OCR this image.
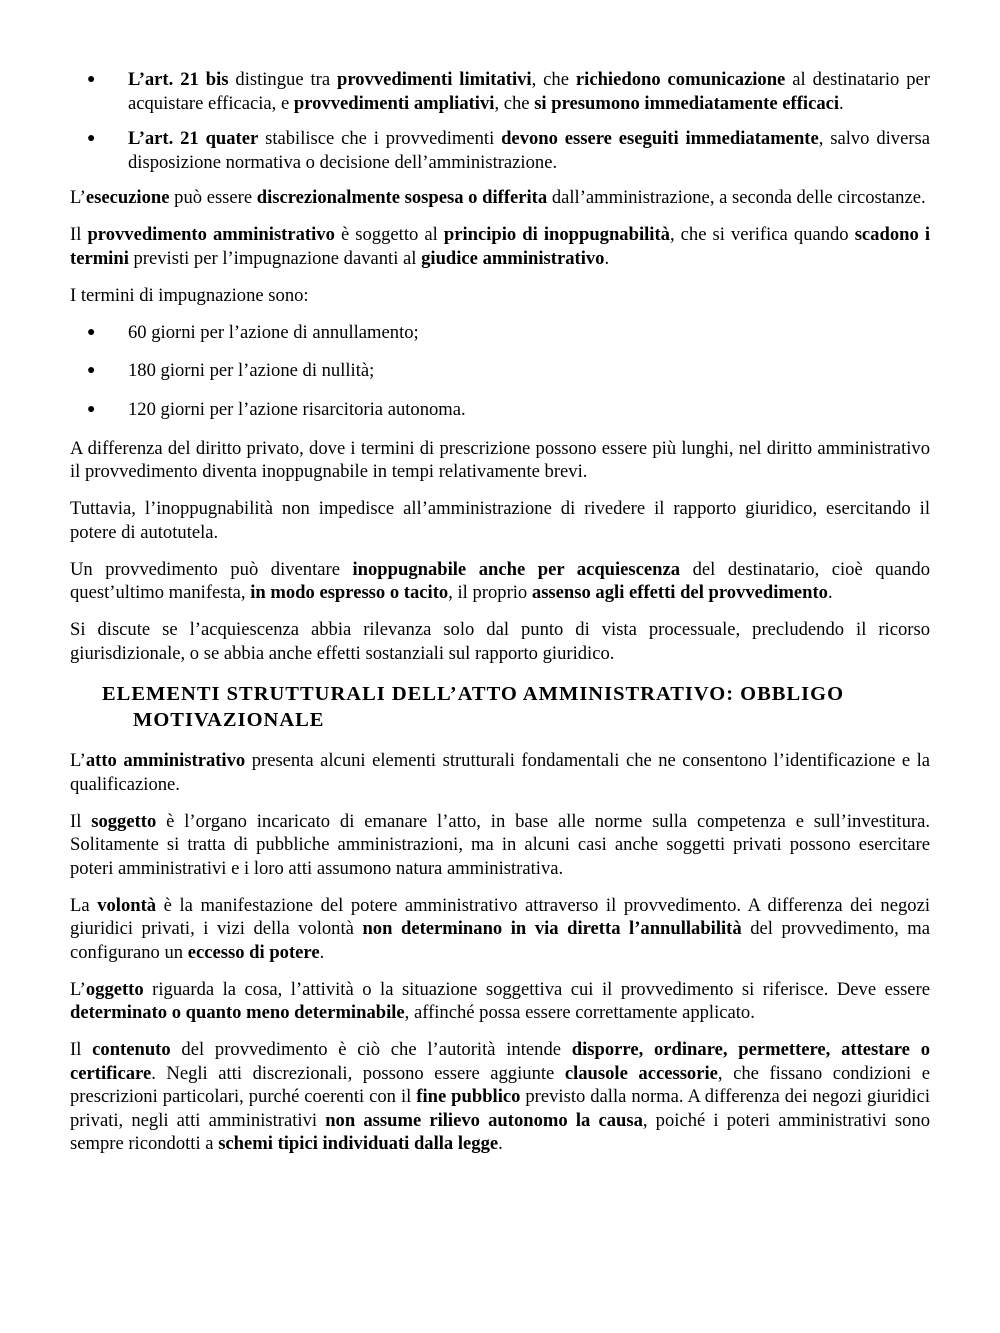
● L’art. 21 bis distingue tra provvedimenti limitativi, che richiedono comunicazione al destinatario per acquistare efficacia, e provvedimenti ampliativi, che si presumono immediatamente efficaci.
● L’art. 21 quater stabilisce che i provvedimenti devono essere eseguiti immediatamente, salvo diversa disposizione normativa o decisione dell’amministrazione.

L’esecuzione può essere discrezionalmente sospesa o differita dall’amministrazione, a seconda delle circostanze.

Il provvedimento amministrativo è soggetto al principio di inoppugnabilità, che si verifica quando scadono i termini previsti per l’impugnazione davanti al giudice amministrativo.

I termini di impugnazione sono:

● 60 giorni per l’azione di annullamento;
● 180 giorni per l’azione di nullità;
● 120 giorni per l’azione risarcitoria autonoma.

A differenza del diritto privato, dove i termini di prescrizione possono essere più lunghi, nel diritto amministrativo il provvedimento diventa inoppugnabile in tempi relativamente brevi.

Tuttavia, l’inoppugnabilità non impedisce all’amministrazione di rivedere il rapporto giuridico, esercitando il potere di autotutela.

Un provvedimento può diventare inoppugnabile anche per acquiescenza del destinatario, cioè quando quest’ultimo manifesta, in modo espresso o tacito, il proprio assenso agli effetti del provvedimento.

Si discute se l’acquiescenza abbia rilevanza solo dal punto di vista processuale, precludendo il ricorso giurisdizionale, o se abbia anche effetti sostanziali sul rapporto giuridico.

ELEMENTI STRUTTURALI DELL’ATTO AMMINISTRATIVO: OBBLIGO
MOTIVAZIONALE

L’atto amministrativo presenta alcuni elementi strutturali fondamentali che ne consentono l’identificazione e la qualificazione.

Il soggetto è l’organo incaricato di emanare l’atto, in base alle norme sulla competenza e sull’investitura. Solitamente si tratta di pubbliche amministrazioni, ma in alcuni casi anche soggetti privati possono esercitare poteri amministrativi e i loro atti assumono natura amministrativa.

La volontà è la manifestazione del potere amministrativo attraverso il provvedimento. A differenza dei negozi giuridici privati, i vizi della volontà non determinano in via diretta l’annullabilità del provvedimento, ma configurano un eccesso di potere.

L’oggetto riguarda la cosa, l’attività o la situazione soggettiva cui il provvedimento si riferisce. Deve essere determinato o quanto meno determinabile, affinché possa essere correttamente applicato.

Il contenuto del provvedimento è ciò che l’autorità intende disporre, ordinare, permettere, attestare o certificare. Negli atti discrezionali, possono essere aggiunte clausole accessorie, che fissano condizioni e prescrizioni particolari, purché coerenti con il fine pubblico previsto dalla norma. A differenza dei negozi giuridici privati, negli atti amministrativi non assume rilievo autonomo la causa, poiché i poteri amministrativi sono sempre ricondotti a schemi tipici individuati dalla legge.
